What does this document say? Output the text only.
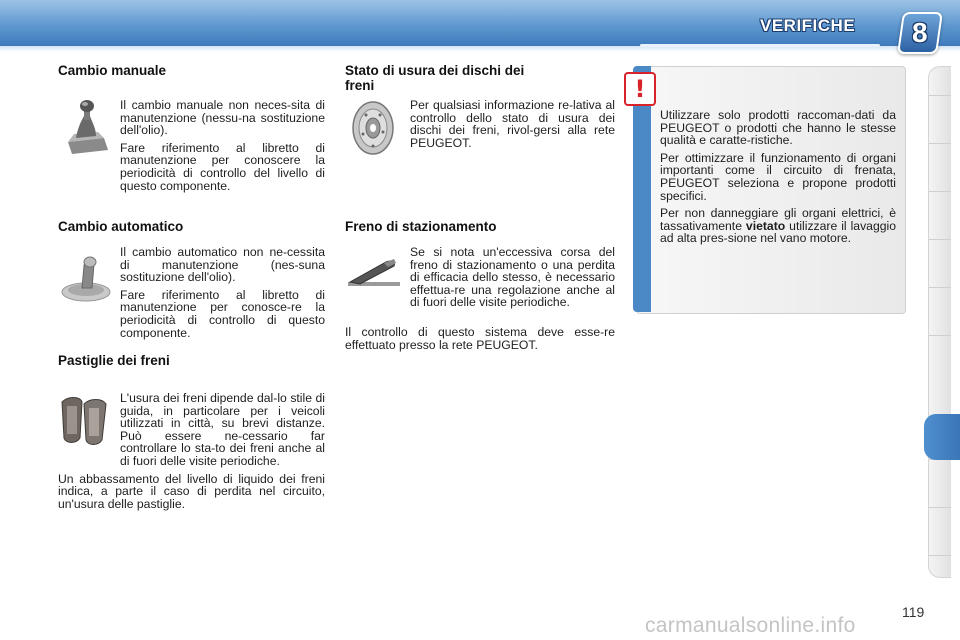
VERIFICHE 8
Cambio manuale

Il cambio manuale non neces-sita di manutenzione (nessu-na sostituzione dell'olio).

Fare riferimento al libretto di manutenzione per conoscere la periodicità di controllo del livello di questo componente.

Cambio automatico

Il cambio automatico non ne-cessita di manutenzione (nes-suna sostituzione dell'olio).

Fare riferimento al libretto di manutenzione per conosce-re la periodicità di controllo di questo componente.

Pastiglie dei freni

L'usura dei freni dipende dal-lo stile di guida, in particolare per i veicoli utilizzati in città, su brevi distanze. Può essere ne-cessario far controllare lo sta-to dei freni anche al di fuori delle visite periodiche.

Un abbassamento del livello di liquido dei freni indica, a parte il caso di perdita nel circuito, un'usura delle pastiglie.

Stato di usura dei dischi dei
freni

Per qualsiasi informazione re-lativa al controllo dello stato di usura dei dischi dei freni, rivol-gersi alla rete PEUGEOT.

Freno di stazionamento

Se si nota un'eccessiva corsa del freno di stazionamento o una perdita di efficacia dello stesso, è necessario effettua-re una regolazione anche al di fuori delle visite periodiche.

Il controllo di questo sistema deve esse-re effettuato presso la rete PEUGEOT.

!

Utilizzare solo prodotti raccoman-dati da PEUGEOT o prodotti che hanno le stesse qualità e caratte-ristiche.

Per ottimizzare il funzionamento di organi importanti come il circuito di frenata, PEUGEOT seleziona e propone prodotti specifici.

Per non danneggiare gli organi elettrici, è tassativamente vietato utilizzare il lavaggio ad alta pres-sione nel vano motore.

119
carmanualsonline.info
